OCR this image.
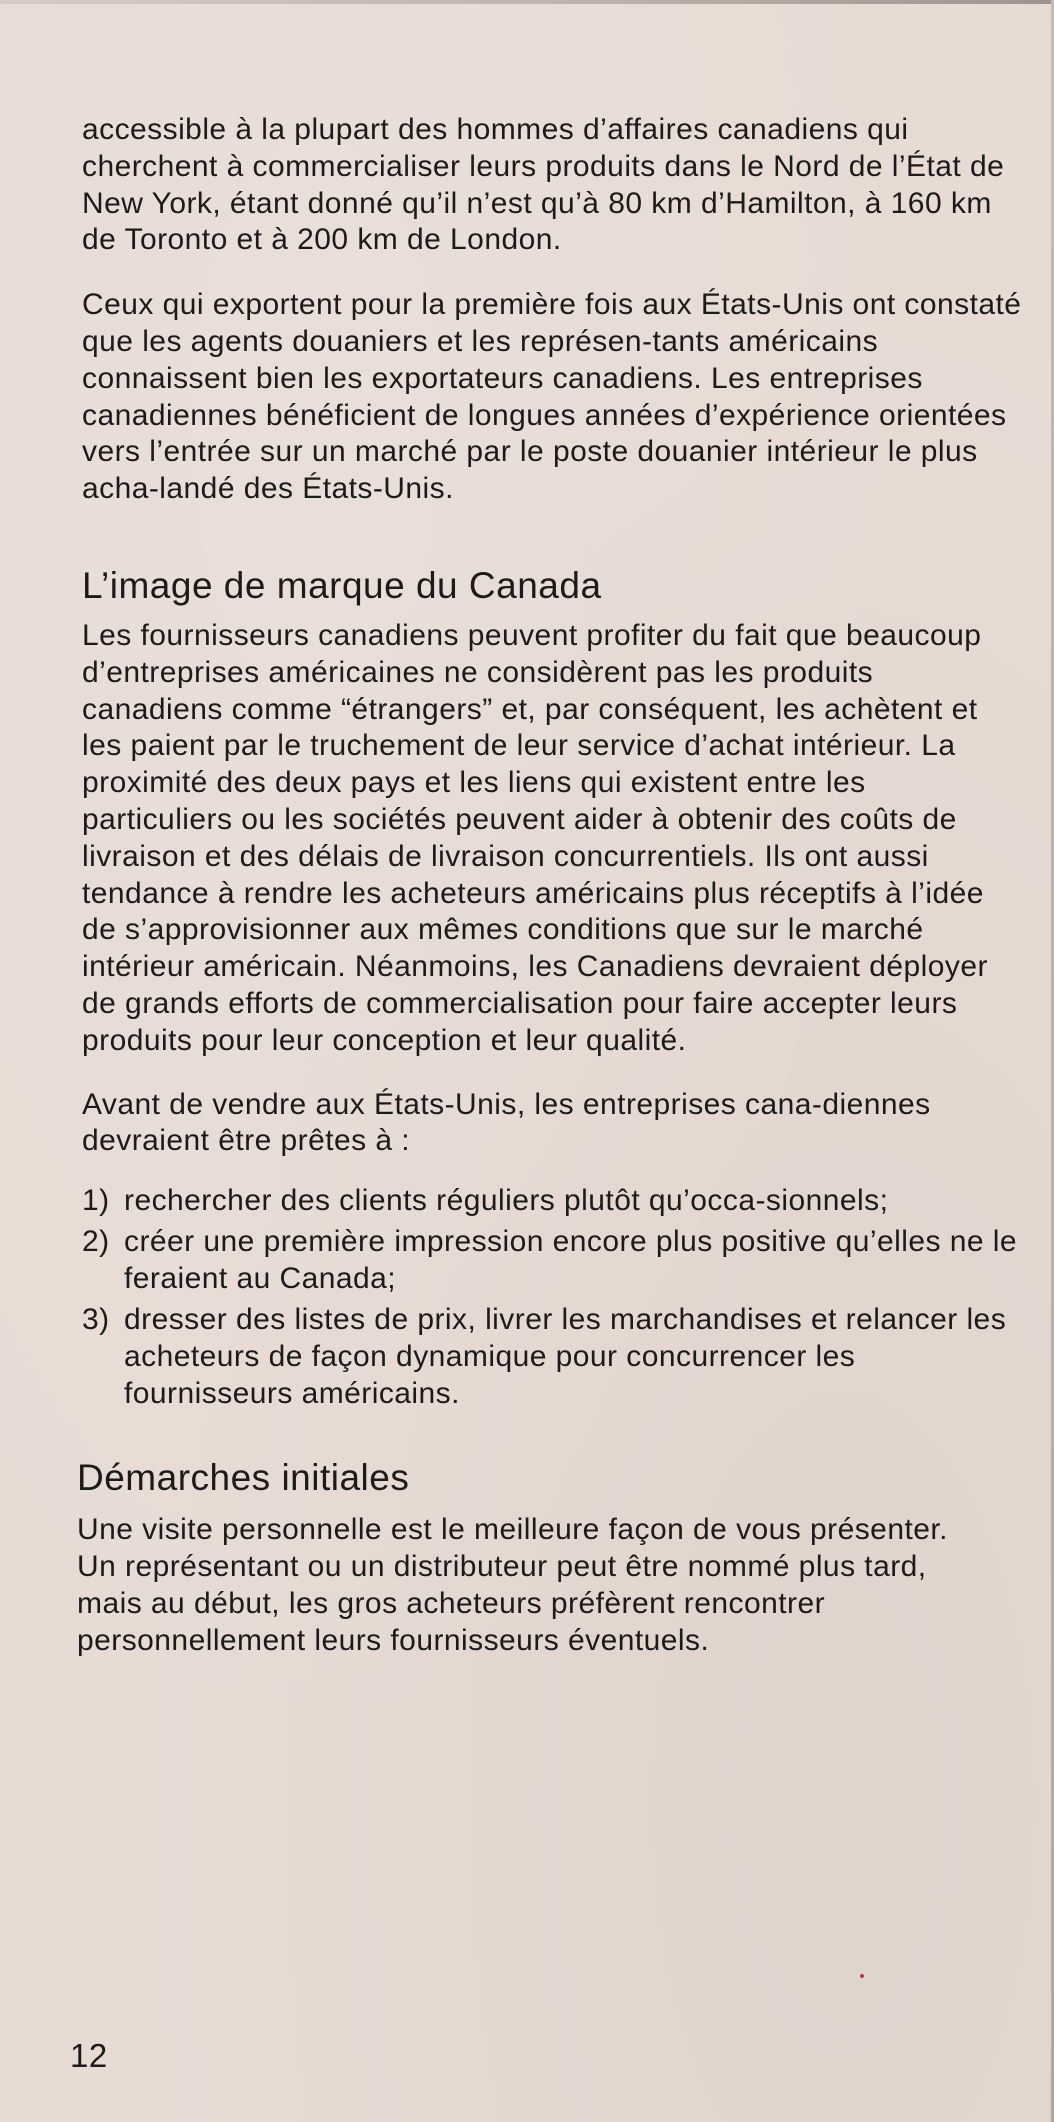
accessible à la plupart des hommes d’affaires canadiens qui cherchent à commercialiser leurs produits dans le Nord de l’État de New York, étant donné qu’il n’est qu’à 80 km d’Hamilton, à 160 km de Toronto et à 200 km de London.

Ceux qui exportent pour la première fois aux États-Unis ont constaté que les agents douaniers et les représen-tants américains connaissent bien les exportateurs canadiens. Les entreprises canadiennes bénéficient de longues années d’expérience orientées vers l’entrée sur un marché par le poste douanier intérieur le plus acha-landé des États-Unis.

L’image de marque du Canada

Les fournisseurs canadiens peuvent profiter du fait que beaucoup d’entreprises américaines ne considèrent pas les produits canadiens comme “étrangers” et, par conséquent, les achètent et les paient par le truchement de leur service d’achat intérieur. La proximité des deux pays et les liens qui existent entre les particuliers ou les sociétés peuvent aider à obtenir des coûts de livraison et des délais de livraison concurrentiels. Ils ont aussi tendance à rendre les acheteurs américains plus réceptifs à l’idée de s’approvisionner aux mêmes conditions que sur le marché intérieur américain. Néanmoins, les Canadiens devraient déployer de grands efforts de commercialisation pour faire accepter leurs produits pour leur conception et leur qualité.

Avant de vendre aux États-Unis, les entreprises cana-diennes devraient être prêtes à :

1) rechercher des clients réguliers plutôt qu’occa-sionnels;
2) créer une première impression encore plus positive qu’elles ne le feraient au Canada;
3) dresser des listes de prix, livrer les marchandises et relancer les acheteurs de façon dynamique pour concurrencer les fournisseurs américains.
Démarches initiales

Une visite personnelle est le meilleure façon de vous présenter. Un représentant ou un distributeur peut être nommé plus tard, mais au début, les gros acheteurs préfèrent rencontrer personnellement leurs fournisseurs éventuels.

12
